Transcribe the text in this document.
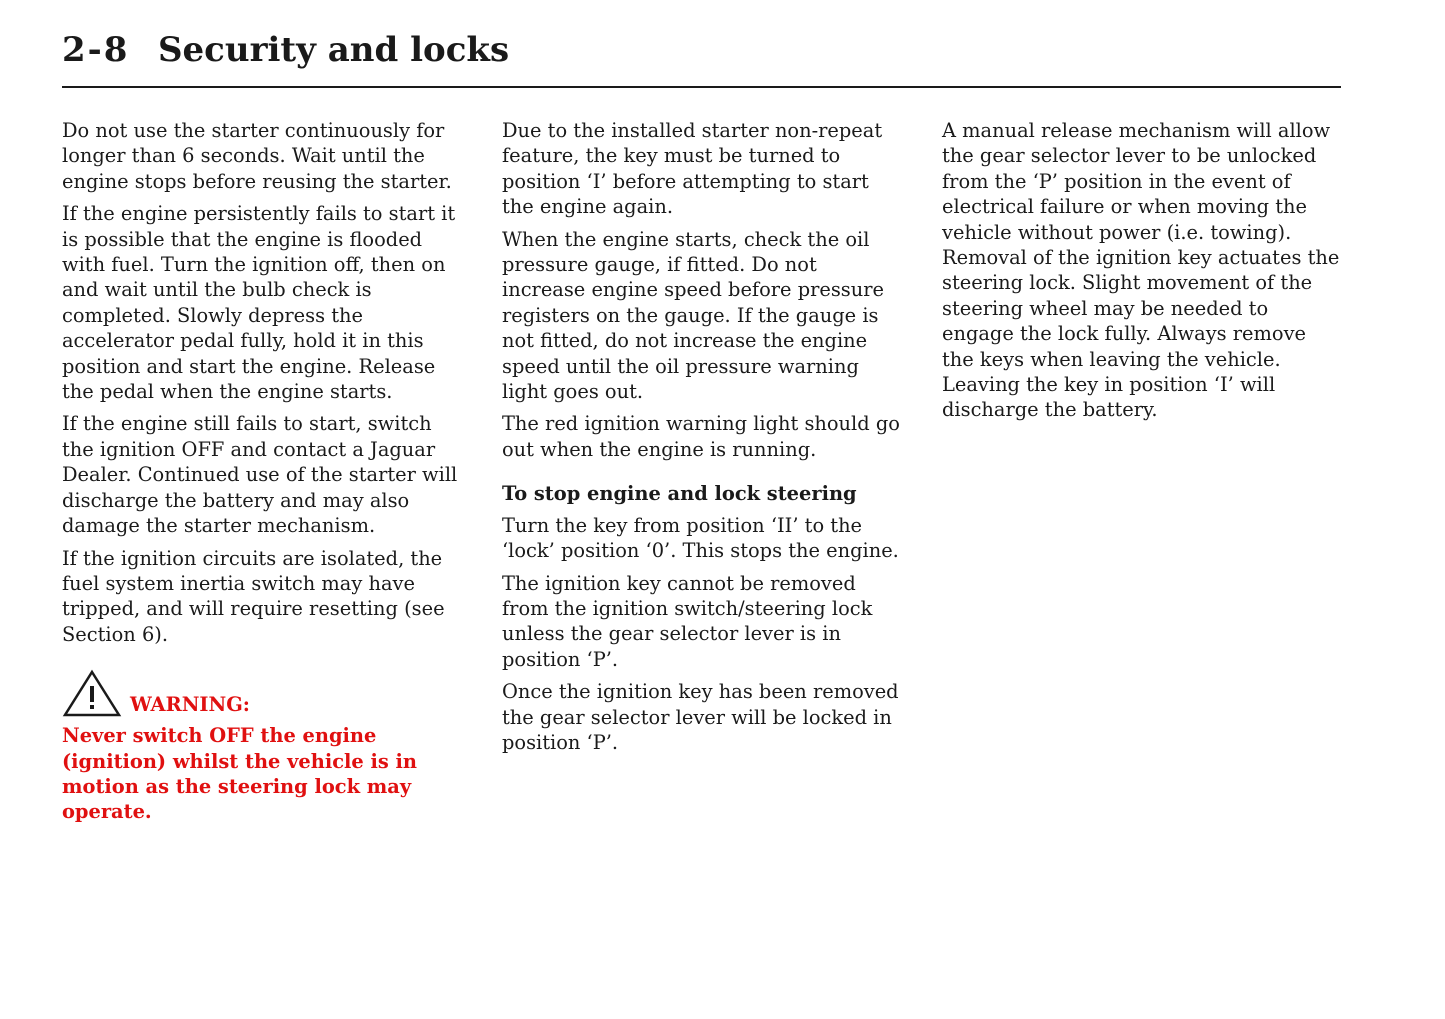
2-8 Security and locks

Do not use the starter continuously for longer than 6 seconds. Wait until the engine stops before reusing the starter.

If the engine persistently fails to start it is possible that the engine is flooded with fuel. Turn the ignition off, then on and wait until the bulb check is completed. Slowly depress the accelerator pedal fully, hold it in this position and start the engine. Release the pedal when the engine starts.

If the engine still fails to start, switch the ignition OFF and contact a Jaguar Dealer. Continued use of the starter will discharge the battery and may also damage the starter mechanism.

If the ignition circuits are isolated, the fuel system inertia switch may have tripped, and will require resetting (see Section 6).

WARNING:
Never switch OFF the engine (ignition) whilst the vehicle is in motion as the steering lock may operate.

Due to the installed starter non-repeat feature, the key must be turned to position ‘I’ before attempting to start the engine again.

When the engine starts, check the oil pressure gauge, if fitted. Do not increase engine speed before pressure registers on the gauge. If the gauge is not fitted, do not increase the engine speed until the oil pressure warning light goes out.

The red ignition warning light should go out when the engine is running.

To stop engine and lock steering

Turn the key from position ‘II’ to the ‘lock’ position ‘0’. This stops the engine.

The ignition key cannot be removed from the ignition switch/steering lock unless the gear selector lever is in position ‘P’.

Once the ignition key has been removed the gear selector lever will be locked in position ‘P’.

A manual release mechanism will allow the gear selector lever to be unlocked from the ‘P’ position in the event of electrical failure or when moving the vehicle without power (i.e. towing). Removal of the ignition key actuates the steering lock. Slight movement of the steering wheel may be needed to engage the lock fully. Always remove the keys when leaving the vehicle. Leaving the key in position ‘I’ will discharge the battery.
